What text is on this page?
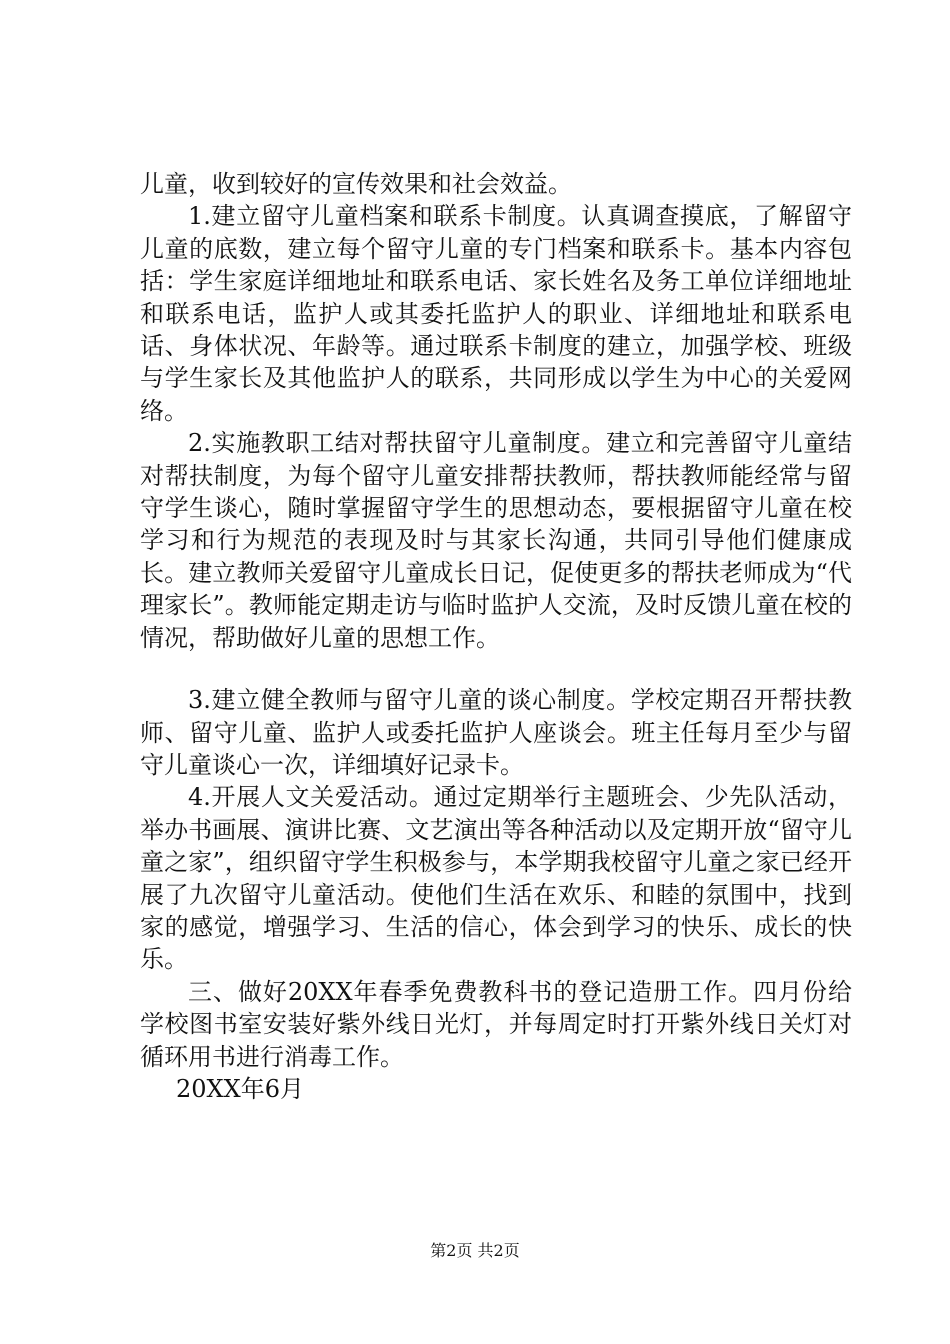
儿童，收到较好的宣传效果和社会效益。

1.建立留守儿童档案和联系卡制度。认真调查摸底，了解留守儿童的底数，建立每个留守儿童的专门档案和联系卡。基本内容包括：学生家庭详细地址和联系电话、家长姓名及务工单位详细地址和联系电话，监护人或其委托监护人的职业、详细地址和联系电话、身体状况、年龄等。通过联系卡制度的建立，加强学校、班级与学生家长及其他监护人的联系，共同形成以学生为中心的关爱网络。

2.实施教职工结对帮扶留守儿童制度。建立和完善留守儿童结对帮扶制度，为每个留守儿童安排帮扶教师，帮扶教师能经常与留守学生谈心，随时掌握留守学生的思想动态，要根据留守儿童在校学习和行为规范的表现及时与其家长沟通，共同引导他们健康成长。建立教师关爱留守儿童成长日记，促使更多的帮扶老师成为“代理家长”。教师能定期走访与临时监护人交流，及时反馈儿童在校的情况，帮助做好儿童的思想工作。

3.建立健全教师与留守儿童的谈心制度。学校定期召开帮扶教师、留守儿童、监护人或委托监护人座谈会。班主任每月至少与留守儿童谈心一次，详细填好记录卡。

4.开展人文关爱活动。通过定期举行主题班会、少先队活动，举办书画展、演讲比赛、文艺演出等各种活动以及定期开放“留守儿童之家”，组织留守学生积极参与，本学期我校留守儿童之家已经开展了九次留守儿童活动。使他们生活在欢乐、和睦的氛围中，找到家的感觉，增强学习、生活的信心，体会到学习的快乐、成长的快乐。

三、做好20XX年春季免费教科书的登记造册工作。四月份给学校图书室安装好紫外线日光灯，并每周定时打开紫外线日关灯对循环用书进行消毒工作。

20XX年6月

第2页 共2页
